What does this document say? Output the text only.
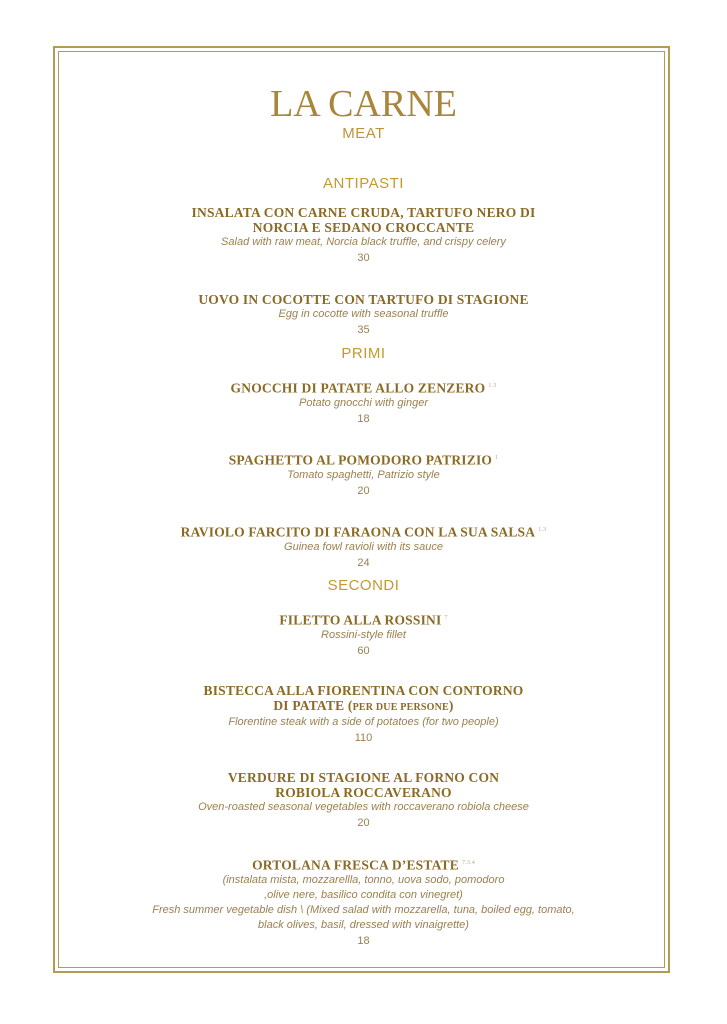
LA CARNE
MEAT
ANTIPASTI
INSALATA CON CARNE CRUDA, TARTUFO NERO DI
NORCIA E SEDANO CROCCANTE
Salad with raw meat, Norcia black truffle, and crispy celery
30
UOVO IN COCOTTE CON TARTUFO DI STAGIONE
Egg in cocotte with seasonal truffle
35
PRIMI
GNOCCHI DI PATATE ALLO ZENZERO $^{1.3}$
Potato gnocchi with ginger
18
SPAGHETTO AL POMODORO PATRIZIO $^1$
Tomato spaghetti, Patrizio style
20
RAVIOLO FARCITO DI FARAONA CON LA SUA SALSA $^{1.3}$
Guinea fowl ravioli with its sauce
24
SECONDI
FILETTO ALLA ROSSINI $^7$
Rossini-style fillet
60
BISTECCA ALLA FIORENTINA CON CONTORNO
DI PATATE (PER DUE PERSONE)
Florentine steak with a side of potatoes (for two people)
110
VERDURE DI STAGIONE AL FORNO CON
ROBIOLA ROCCAVERANO
Oven-roasted seasonal vegetables with roccaverano robiola cheese
20
ORTOLANA FRESCA D’ESTATE $^{7.3.4}$
(instalata mista, mozzarellla, tonno, uova sodo, pomodoro
,olive nere, basilico condita con vinegret)
Fresh summer vegetable dish \ (Mixed salad with mozzarella, tuna, boiled egg, tomato,
black olives, basil, dressed with vinaigrette)
18
